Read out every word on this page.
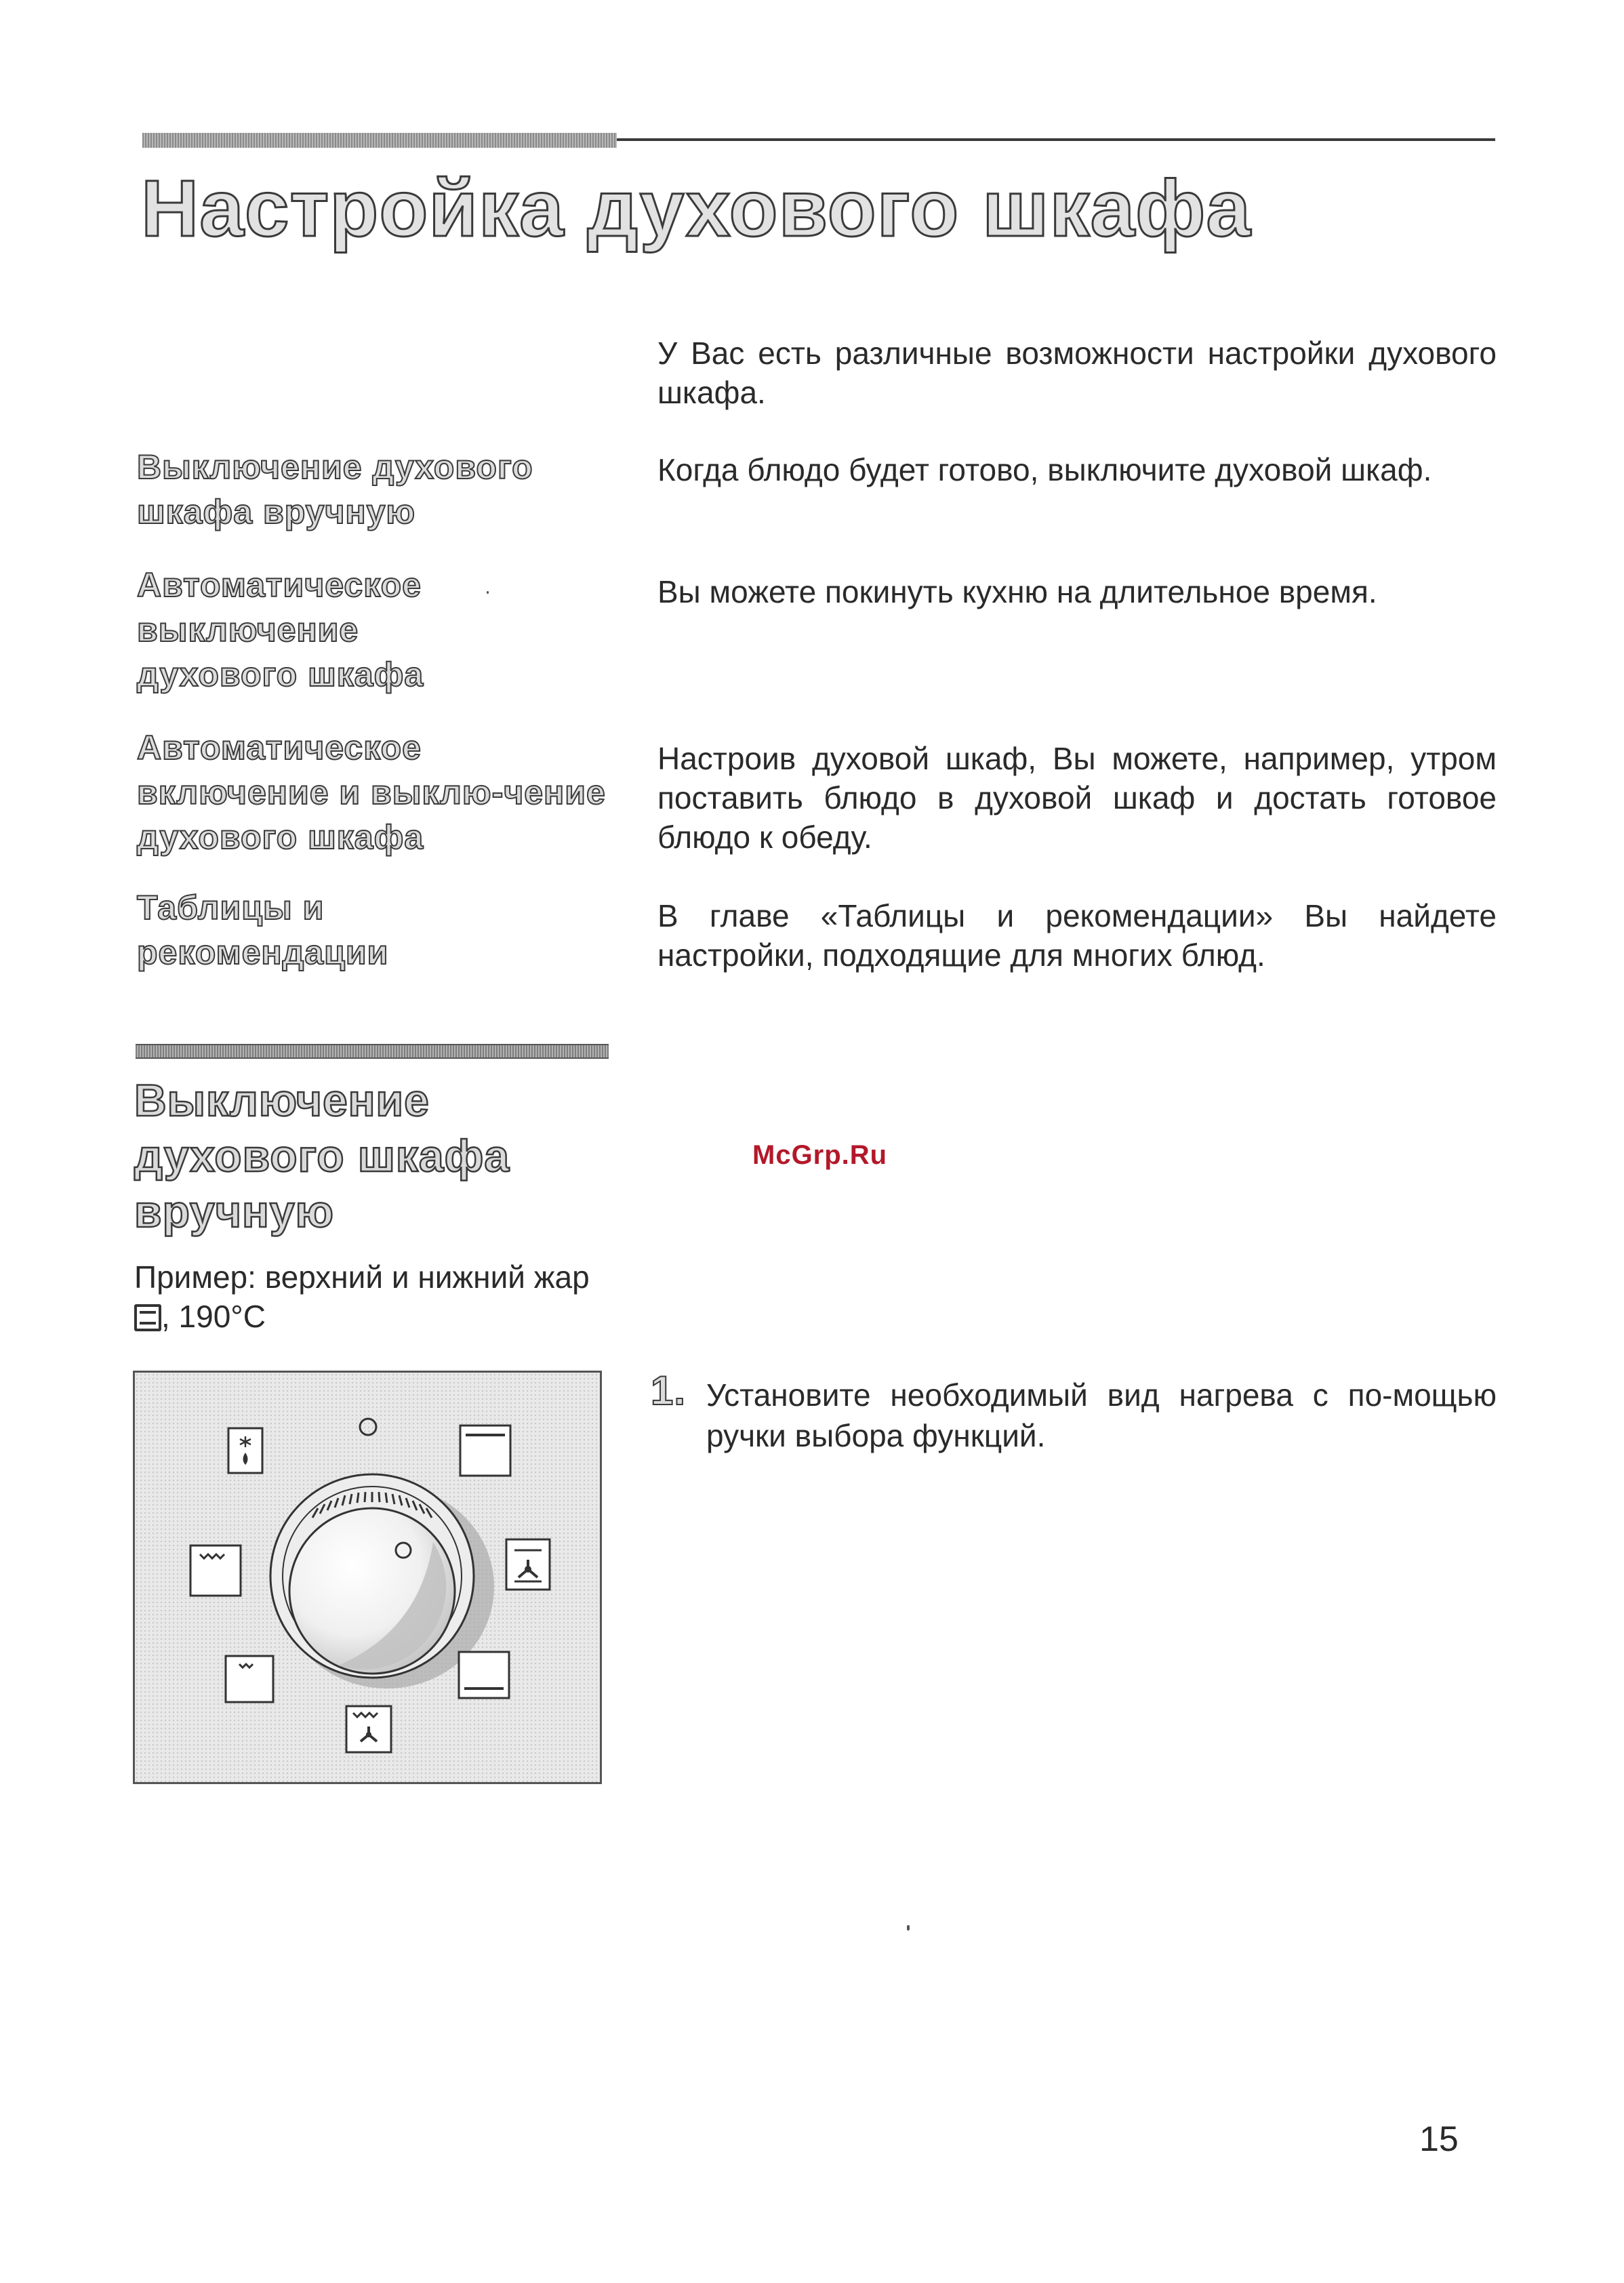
Настройка духового шкафа
У Вас есть различные возможности настройки духового шкафа.
Выключение духового шкафа вручную
Когда блюдо будет готово, выключите духовой шкаф.
Автоматическое выключение духового шкафа
Вы можете покинуть кухню на длительное время.
Автоматическое включение и выклю-чение духового шкафа
Настроив духовой шкаф, Вы можете, например, утром поставить блюдо в духовой шкаф и достать готовое блюдо к обеду.
Таблицы и рекомендации
В главе «Таблицы и рекомендации» Вы найдете настройки, подходящие для многих блюд.
Выключение духового шкафа вручную
Пример: верхний и нижний жар , 190°C
McGrp.Ru
1. Установите необходимый вид нагрева с по-мощью ручки выбора функций.
15
